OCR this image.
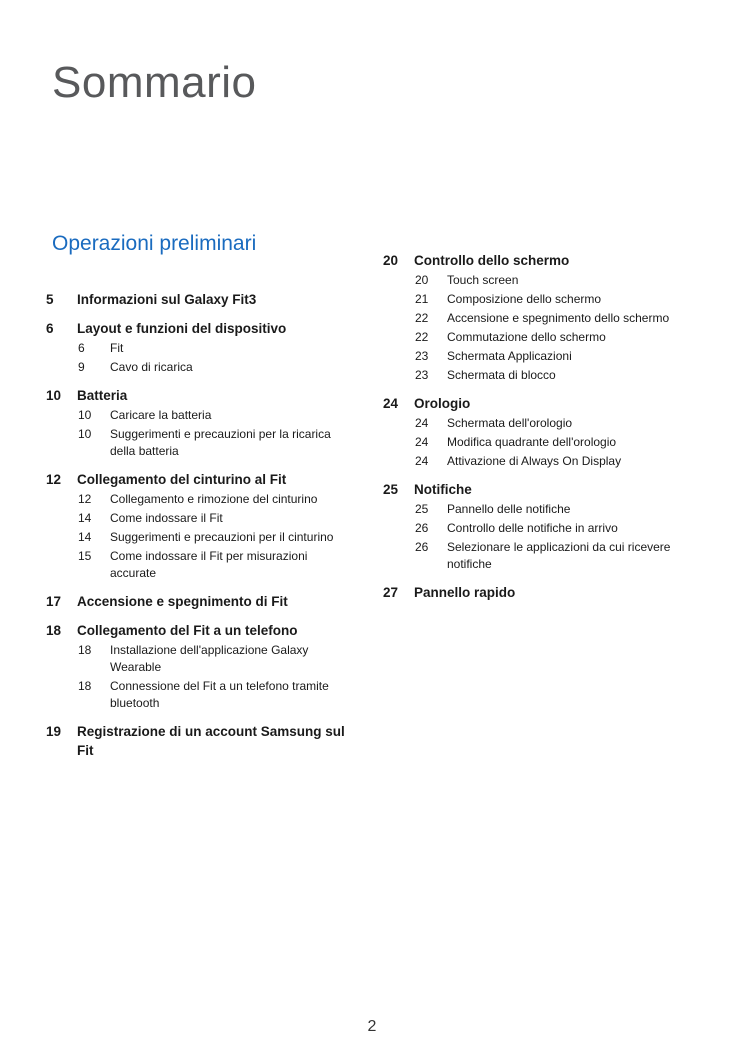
Sommario
Operazioni preliminari
5	Informazioni sul Galaxy Fit3
6	Layout e funzioni del dispositivo
6	Fit
9	Cavo di ricarica
10	Batteria
10	Caricare la batteria
10	Suggerimenti e precauzioni per la ricarica della batteria
12	Collegamento del cinturino al Fit
12	Collegamento e rimozione del cinturino
14	Come indossare il Fit
14	Suggerimenti e precauzioni per il cinturino
15	Come indossare il Fit per misurazioni accurate
17	Accensione e spegnimento di Fit
18	Collegamento del Fit a un telefono
18	Installazione dell'applicazione Galaxy Wearable
18	Connessione del Fit a un telefono tramite bluetooth
19	Registrazione di un account Samsung sul Fit
20	Controllo dello schermo
20	Touch screen
21	Composizione dello schermo
22	Accensione e spegnimento dello schermo
22	Commutazione dello schermo
23	Schermata Applicazioni
23	Schermata di blocco
24	Orologio
24	Schermata dell'orologio
24	Modifica quadrante dell'orologio
24	Attivazione di Always On Display
25	Notifiche
25	Pannello delle notifiche
26	Controllo delle notifiche in arrivo
26	Selezionare le applicazioni da cui ricevere notifiche
27	Pannello rapido
2
